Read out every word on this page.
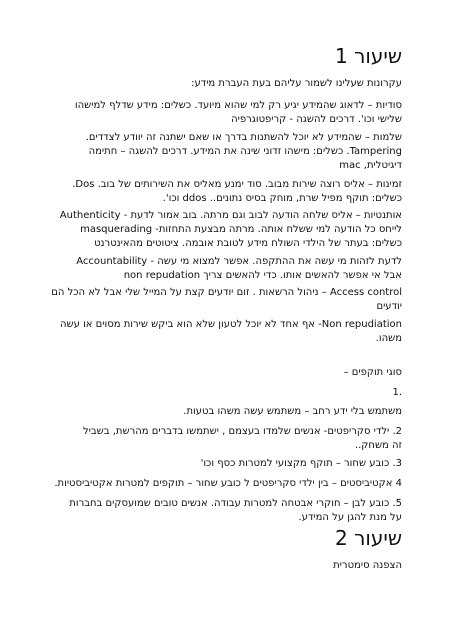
שיעור 1
עקרונות שעלינו לשמור עליהם בעת העברת מידע:
סודיות – לדאוג שהמידע יגיע רק למי שהוא מיועד. כשלים: מידע שדלף למישהו
שלישי וכו'. דרכים להשגה - קריפטוגרפיה
שלמות – שהמידע לא יוכל להשתנות בדרך או שאם ישתנה זה יוודע לצדדים.
Tampering. כשלים: מישהו זדוני שינה את המידע. דרכים להשגה – חתימה
דיגיטלית, mac
זמינות – אליס רוצה שירות מבוב. סוד ימנע מאליס את השירותים של בוב. Dos.
כשלים: תוקף מפיל שרת, מוחק בסיס נתונים.. ddos וכו'.
אותנטיות – אליס שלחה הודעה לבוב וגם מרתה. בוב אמור לדעת - Authenticity
לייחס כל הודעה למי ששלח אותה. מרתה מבצעת התחזות- masquerading
כשלים: בעתר של הילדי השולח מידע לטובת אובמה. ציטוטים מהאינטרנט
לדעת לזהות מי עשה את ההתקפה. אפשר למצוא מי עשה - Accountability
אבל אי אפשר להאשים אותו. כדי להאשים צריך non repudation
Access control – ניהול הרשאות . זום יודעים קצת על המייל שלי אבל לא הכל הם
יודעים
Non repudiation- אף אחד לא יוכל לטעון שלא הוא ביקש שירות מסוים או עשה
משהו.
סוגי תוקפים –
1.
משתמש בלי ידע רחב – משתמש עשה משהו בטעות.
2. ילדי סקריפטים- אנשים שלמדו בעצמם , ישתמשו בדברים מהרשת, בשביל
זה משחק..
3. כובע שחור – תוקף מקצועי למטרות כסף וכו'
4 אקטיביסטים – בין ילדי סקריפטים ל כובע שחור – תוקפים למטרות אקטיביסטיות.
5. כובע לבן – חוקרי אבטחה למטרות עבודה. אנשים טובים שמועסקים בחברות
על מנת להגן על המידע.
שיעור 2
הצפנה סימטרית
